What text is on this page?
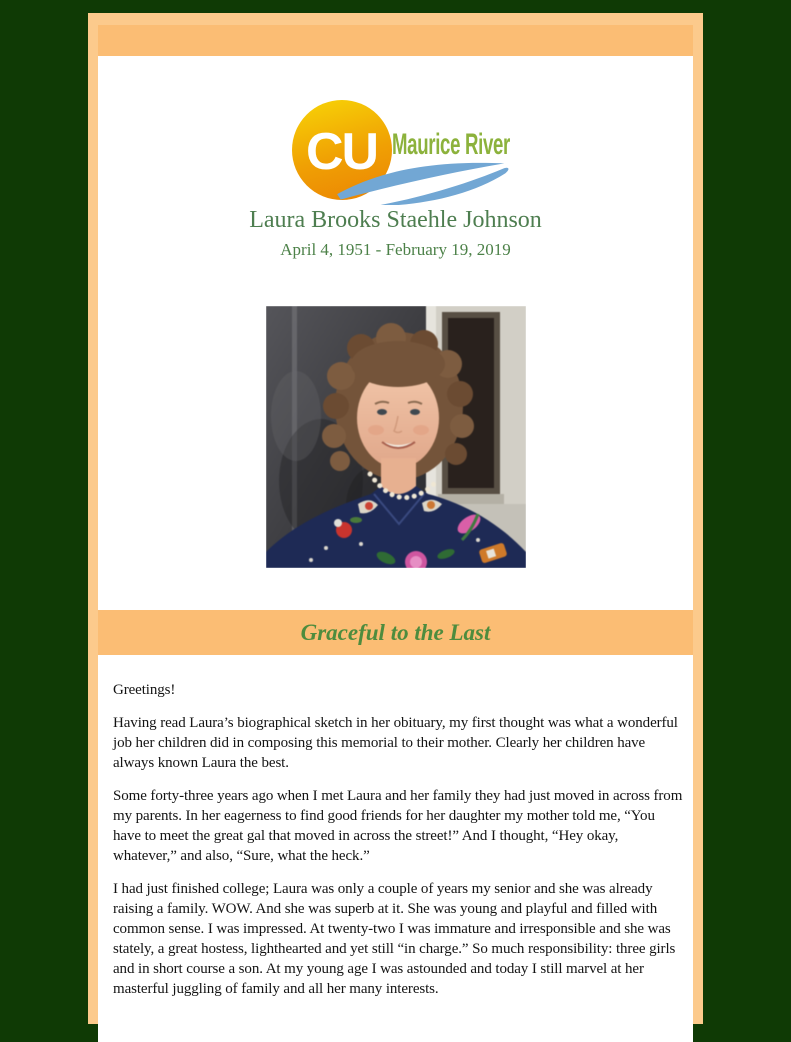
CU Maurice River
Laura Brooks Staehle Johnson
April 4, 1951 - February 19, 2019
Graceful to the Last

Greetings!

Having read Laura’s biographical sketch in her obituary, my first thought was what a wonderful job her children did in composing this memorial to their mother. Clearly her children have always known Laura the best.

Some forty-three years ago when I met Laura and her family they had just moved in across from my parents. In her eagerness to find good friends for her daughter my mother told me, “You have to meet the great gal that moved in across the street!” And I thought, “Hey okay, whatever,” and also, “Sure, what the heck.”

I had just finished college; Laura was only a couple of years my senior and she was already raising a family. WOW. And she was superb at it. She was young and playful and filled with common sense. I was impressed. At twenty-two I was immature and irresponsible and she was stately, a great hostess, lighthearted and yet still “in charge.” So much responsibility: three girls and in short course a son. At my young age I was astounded and today I still marvel at her masterful juggling of family and all her many interests.
